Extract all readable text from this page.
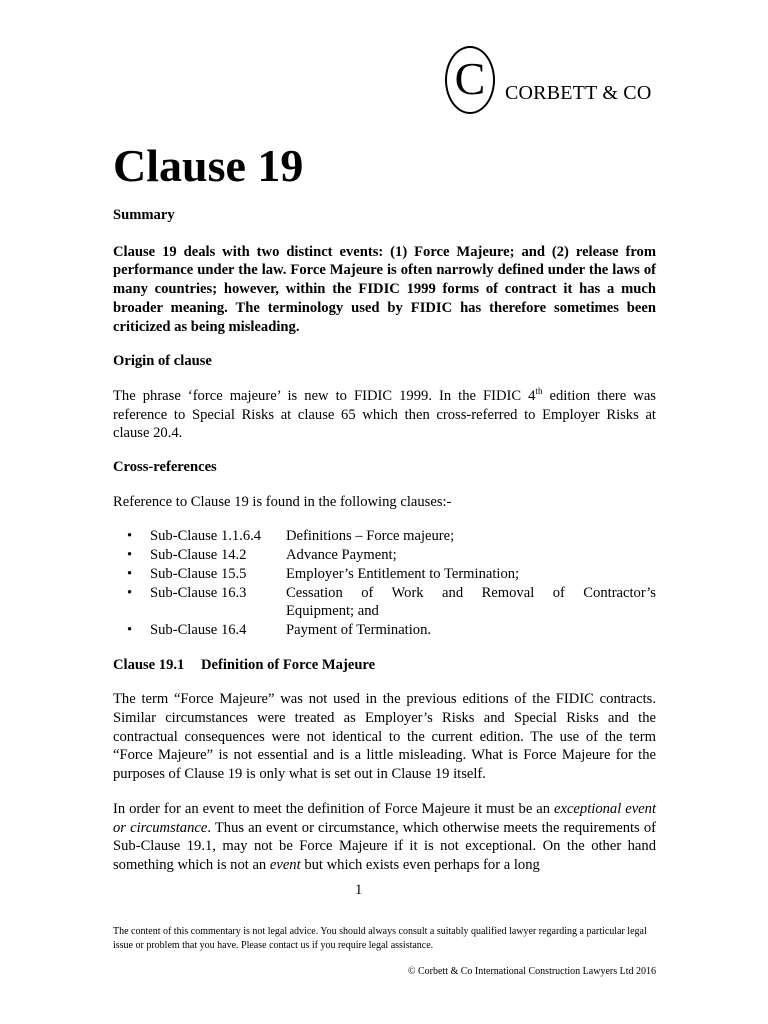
C CORBETT & CO
Clause 19

Summary

Clause 19 deals with two distinct events: (1) Force Majeure; and (2) release from performance under the law. Force Majeure is often narrowly defined under the laws of many countries; however, within the FIDIC 1999 forms of contract it has a much broader meaning. The terminology used by FIDIC has therefore sometimes been criticized as being misleading.

Origin of clause

The phrase ‘force majeure’ is new to FIDIC 1999. In the FIDIC 4th edition there was reference to Special Risks at clause 65 which then cross-referred to Employer Risks at clause 20.4.

Cross-references

Reference to Clause 19 is found in the following clauses:-

•	Sub-Clause 1.1.6.4	Definitions – Force majeure;
•	Sub-Clause 14.2	Advance Payment;
•	Sub-Clause 15.5	Employer’s Entitlement to Termination;
•	Sub-Clause 16.3	Cessation of Work and Removal of Contractor’s
Equipment; and
•	Sub-Clause 16.4	Payment of Termination.

Clause 19.1 Definition of Force Majeure

The term “Force Majeure” was not used in the previous editions of the FIDIC contracts. Similar circumstances were treated as Employer’s Risks and Special Risks and the contractual consequences were not identical to the current edition. The use of the term “Force Majeure” is not essential and is a little misleading. What is Force Majeure for the purposes of Clause 19 is only what is set out in Clause 19 itself.

In order for an event to meet the definition of Force Majeure it must be an exceptional event or circumstance. Thus an event or circumstance, which otherwise meets the requirements of Sub-Clause 19.1, may not be Force Majeure if it is not exceptional. On the other hand something which is not an event but which exists even perhaps for a long

1
The content of this commentary is not legal advice. You should always consult a suitably qualified lawyer regarding a particular legal issue or problem that you have. Please contact us if you require legal assistance.
© Corbett & Co International Construction Lawyers Ltd 2016
